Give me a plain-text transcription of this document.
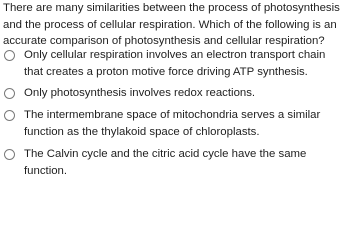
There are many similarities between the process of photosynthesis and the process of cellular respiration. Which of the following is an accurate comparison of photosynthesis and cellular respiration?

Only cellular respiration involves an electron transport chain that creates a proton motive force driving ATP synthesis.
Only photosynthesis involves redox reactions.
The intermembrane space of mitochondria serves a similar function as the thylakoid space of chloroplasts.
The Calvin cycle and the citric acid cycle have the same function.
